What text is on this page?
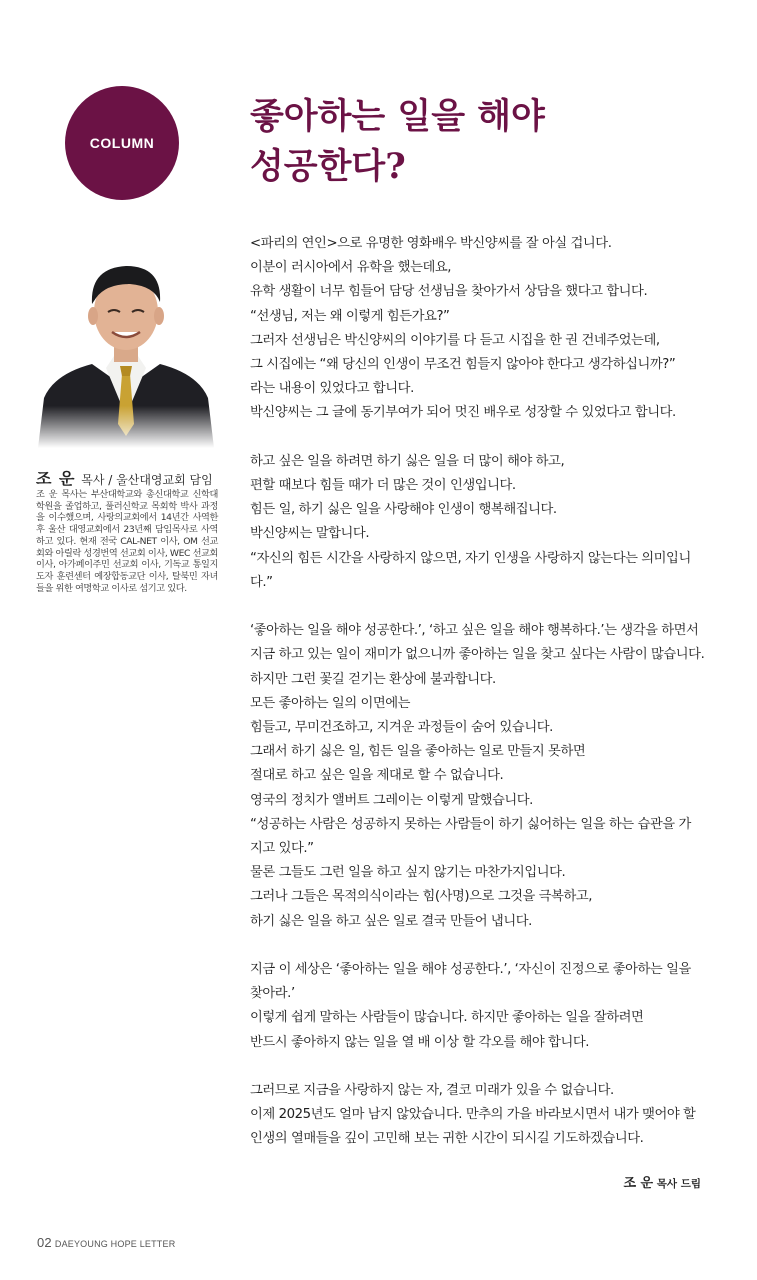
COLUMN
좋아하는 일을 해야
성공한다?
조 운 목사 / 울산대영교회 담임

조 운 목사는 부산대학교와 총신대학교 신학대학원을 졸업하고, 풀러신학교 목회학 박사 과정을 이수했으며, 사랑의교회에서 14년간 사역한 후 울산 대영교회에서 23년째 담임목사로 사역하고 있다. 현재 전국 CAL-NET 이사, OM 선교회와 아릴락 성경번역 선교회 이사, WEC 선교회 이사, 아가페이주민 선교회 이사, 기독교 통일지도자 훈련센터 예장합동교단 이사, 탈북민 자녀들을 위한 여명학교 이사로 섬기고 있다.

<파리의 연인>으로 유명한 영화배우 박신양씨를 잘 아실 겁니다.

이분이 러시아에서 유학을 했는데요,

유학 생활이 너무 힘들어 담당 선생님을 찾아가서 상담을 했다고 합니다.

“선생님, 저는 왜 이렇게 힘든가요?”

그러자 선생님은 박신양씨의 이야기를 다 듣고 시집을 한 권 건네주었는데,

그 시집에는 “왜 당신의 인생이 무조건 힘들지 않아야 한다고 생각하십니까?”

라는 내용이 있었다고 합니다.

박신양씨는 그 글에 동기부여가 되어 멋진 배우로 성장할 수 있었다고 합니다.

하고 싶은 일을 하려면 하기 싫은 일을 더 많이 해야 하고,

편할 때보다 힘들 때가 더 많은 것이 인생입니다.

힘든 일, 하기 싫은 일을 사랑해야 인생이 행복해집니다.

박신양씨는 말합니다.

“자신의 힘든 시간을 사랑하지 않으면, 자기 인생을 사랑하지 않는다는 의미입니다.”

‘좋아하는 일을 해야 성공한다.’, ‘하고 싶은 일을 해야 행복하다.’는 생각을 하면서

지금 하고 있는 일이 재미가 없으니까 좋아하는 일을 찾고 싶다는 사람이 많습니다.

하지만 그런 꽃길 걷기는 환상에 불과합니다.

모든 좋아하는 일의 이면에는

힘들고, 무미건조하고, 지겨운 과정들이 숨어 있습니다.

그래서 하기 싫은 일, 힘든 일을 좋아하는 일로 만들지 못하면

절대로 하고 싶은 일을 제대로 할 수 없습니다.

영국의 정치가 앨버트 그레이는 이렇게 말했습니다.

“성공하는 사람은 성공하지 못하는 사람들이 하기 싫어하는 일을 하는 습관을 가

지고 있다.”

물론 그들도 그런 일을 하고 싶지 않기는 마찬가지입니다.

그러나 그들은 목적의식이라는 힘(사명)으로 그것을 극복하고,

하기 싫은 일을 하고 싶은 일로 결국 만들어 냅니다.

지금 이 세상은 ‘좋아하는 일을 해야 성공한다.’, ‘자신이 진정으로 좋아하는 일을

찾아라.’

이렇게 쉽게 말하는 사람들이 많습니다. 하지만 좋아하는 일을 잘하려면

반드시 좋아하지 않는 일을 열 배 이상 할 각오를 해야 합니다.

그러므로 지금을 사랑하지 않는 자, 결코 미래가 있을 수 없습니다.

이제 2025년도 얼마 남지 않았습니다. 만추의 가을 바라보시면서 내가 맺어야 할

인생의 열매들을 깊이 고민해 보는 귀한 시간이 되시길 기도하겠습니다.

조 운 목사 드림
02 DAEYOUNG HOPE LETTER
